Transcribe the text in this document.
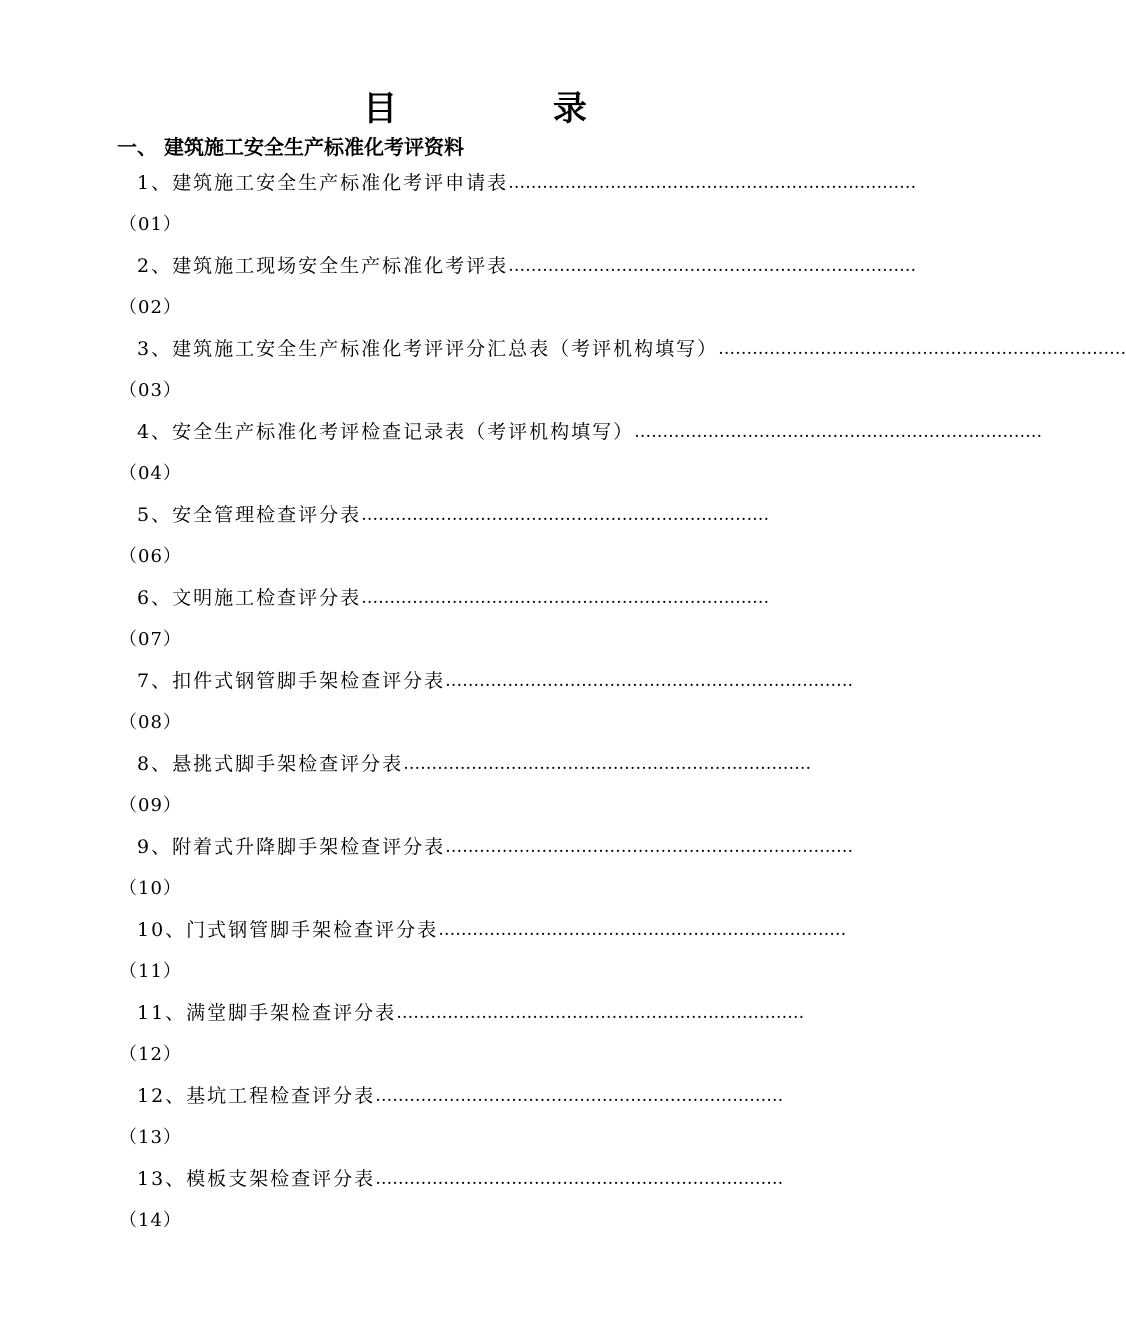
目 录
一、 建筑施工安全生产标准化考评资料
1、建筑施工安全生产标准化考评申请表 ………………………………………………………………
（01）
2、建筑施工现场安全生产标准化考评表 ………………………………………………………………
（02）
3、建筑施工安全生产标准化考评评分汇总表（考评机构填写） ………………………………………………………………
（03）
4、安全生产标准化考评检查记录表（考评机构填写） ………………………………………………………………
（04）
5、安全管理检查评分表 ………………………………………………………………
（06）
6、文明施工检查评分表 ………………………………………………………………
（07）
7、扣件式钢管脚手架检查评分表 ………………………………………………………………
（08）
8、悬挑式脚手架检查评分表 ………………………………………………………………
（09）
9、附着式升降脚手架检查评分表 ………………………………………………………………
（10）
10、门式钢管脚手架检查评分表 ………………………………………………………………
（11）
11、满堂脚手架检查评分表 ………………………………………………………………
（12）
12、基坑工程检查评分表 ………………………………………………………………
（13）
13、模板支架检查评分表 ………………………………………………………………
（14）
